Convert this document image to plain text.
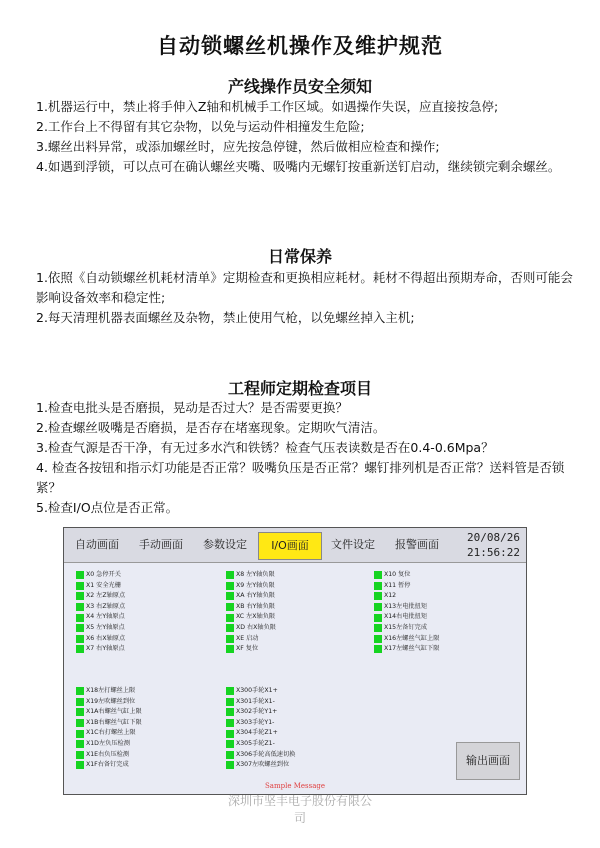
自动锁螺丝机操作及维护规范
产线操作员安全须知

1.机器运行中，禁止将手伸入Z轴和机械手工作区域。如遇操作失误，应直接按急停;

2.工作台上不得留有其它杂物，以免与运动件相撞发生危险;

3.螺丝出料异常，或添加螺丝时，应先按急停键，然后做相应检查和操作;

4.如遇到浮锁，可以点可在确认螺丝夹嘴、吸嘴内无螺钉按重新送钉启动，继续锁完剩余螺丝。

日常保养

1.依照《自动锁螺丝机耗材清单》定期检查和更换相应耗材。耗材不得超出预期寿命，否则可能会影响设备效率和稳定性;

2.每天清理机器表面螺丝及杂物，禁止使用气枪，以免螺丝掉入主机;

工程师定期检查项目

1.检查电批头是否磨损，晃动是否过大？是否需要更换？

2.检查螺丝吸嘴是否磨损，是否存在堵塞现象。定期吹气清洁。

3.检查气源是否干净，有无过多水汽和铁锈？检查气压表读数是否在0.4-0.6Mpa？

4. 检查各按钮和指示灯功能是否正常？吸嘴负压是否正常？螺钉排列机是否正常？送料管是否锁紧？

5.检查I/O点位是否正常。

自动画面	手动画面	参数设定	I/O画面	文件设定	报警画面
20/08/26
21:56:22
X0 急停开关
X1 安全光栅
X2 左Z轴原点
X3 右Z轴原点
X4 左Y轴原点
X5 左Y轴原点
X6 右X轴原点
X7 右Y轴原点
X8 左Y轴负限
X9 左Y轴负限
XA 右Y轴负限
XB 右Y轴负限
XC 左X轴负限
XD 右X轴负限
XE 启动
XF 复位
X10 复位
X11 暂停
X12
X13左电批扭矩
X14右电批扭矩
X15左备钉完成
X16左螺丝气缸上限
X17左螺丝气缸下限
X18左打螺丝上限
X19左吹螺丝到位
X1A右螺丝气缸上限
X1B右螺丝气缸下限
X1C右打螺丝上限
X1D左负压检测
X1E右负压检测
X1F右备钉完成
X300手轮X1+
X301手轮X1-
X302手轮Y1+
X303手轮Y1-
X304手轮Z1+
X305手轮Z1-
X306手轮高低速切换
X307左吹螺丝到位	输出画面
Sample Message
深圳市坚丰电子股份有限公
司
